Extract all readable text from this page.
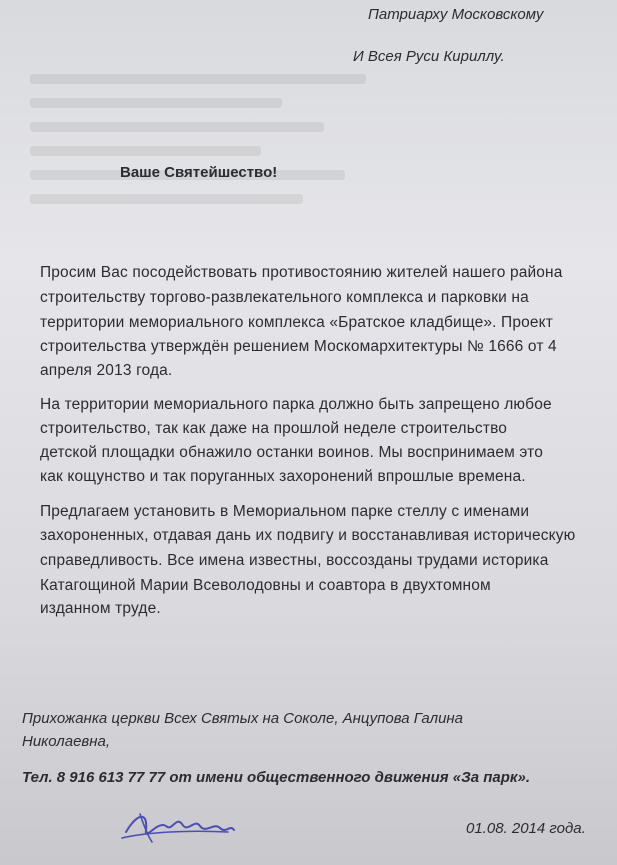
Патриарху Московскому
И Всея Руси Кириллу.
Ваше Святейшество!
Просим Вас посодействовать противостоянию жителей нашего района
строительству торгово-развлекательного комплекса и парковки на
территории мемориального комплекса «Братское кладбище». Проект
строительства утверждён решением Москомархитектуры № 1666 от 4
апреля 2013 года.
На территории мемориального парка должно быть запрещено любое
строительство, так как даже на прошлой неделе строительство
детской площадки обнажило останки воинов. Мы воспринимаем это
как кощунство и так поруганных захоронений впрошлые времена.
Предлагаем установить в Мемориальном парке стеллу с именами
захороненных, отдавая дань их подвигу и восстанавливая историческую
справедливость. Все имена известны, воссозданы трудами историка
Катагощиной Марии Всеволодовны и соавтора в двухтомном
изданном труде.
Прихожанка церкви Всех Святых на Соколе, Анцупова Галина
Николаевна,
Тел. 8 916 613 77 77 от имени общественного движения «За парк».
01.08. 2014 года.
